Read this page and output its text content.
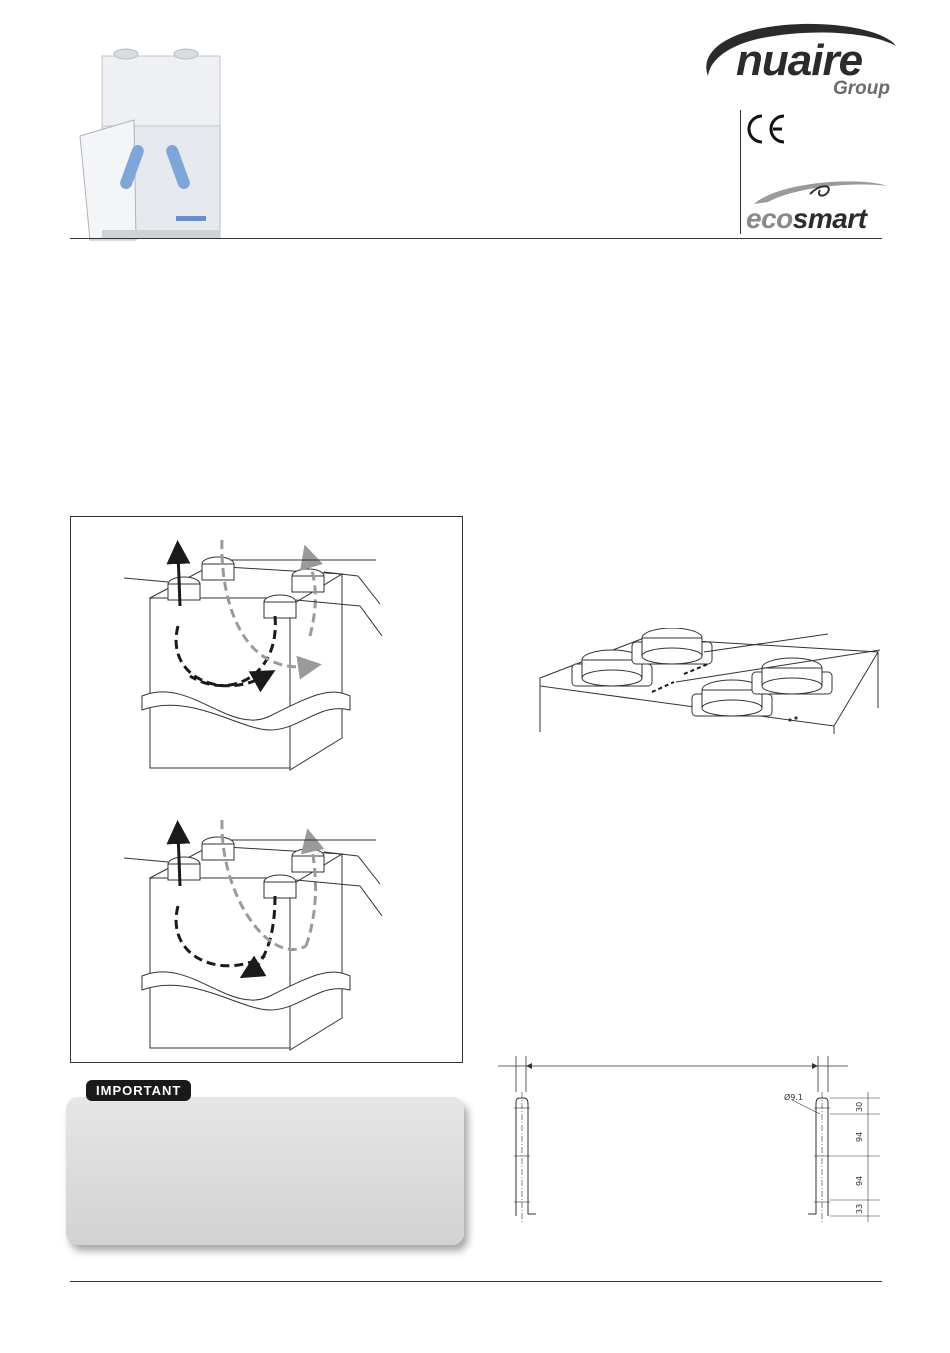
nuaire
Group
ecosmart
Ø9.1
30
94
94
33
IMPORTANT
